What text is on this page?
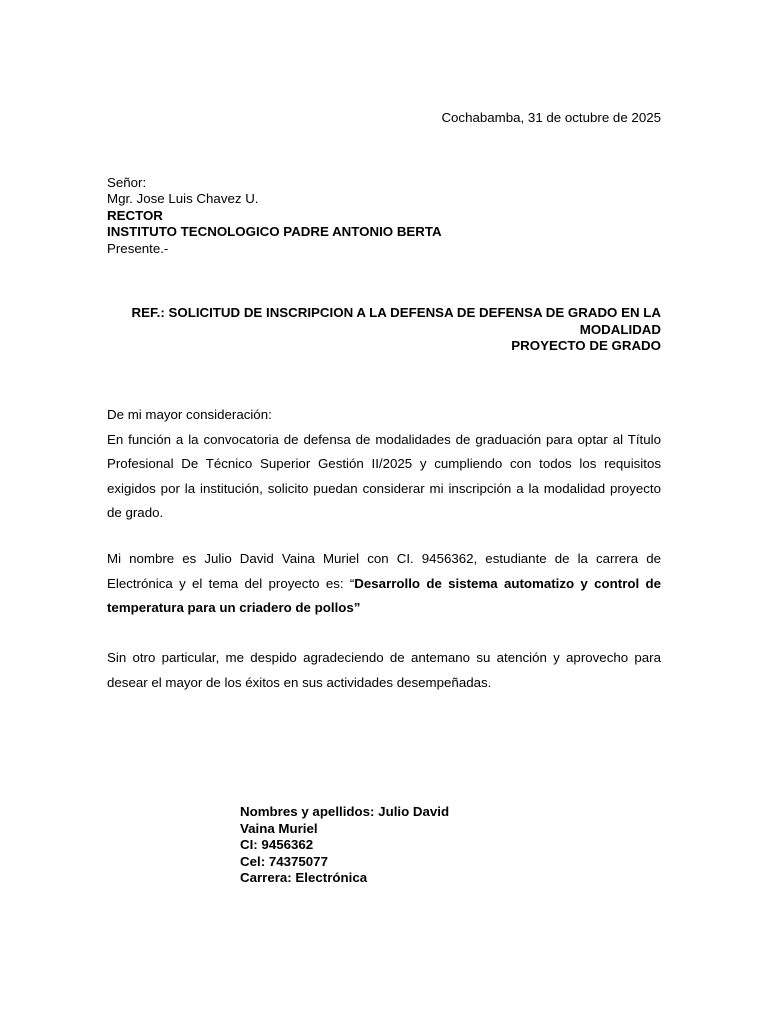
Cochabamba, 31 de octubre de 2025
Señor:
Mgr. Jose Luis Chavez U.
RECTOR
INSTITUTO TECNOLOGICO PADRE ANTONIO BERTA
Presente.-
REF.: SOLICITUD DE INSCRIPCION A LA DEFENSA DE DEFENSA DE GRADO EN LA
MODALIDAD
PROYECTO DE GRADO

De mi mayor consideración:

En función a la convocatoria de defensa de modalidades de graduación para optar al Título Profesional De Técnico Superior Gestión II/2025 y cumpliendo con todos los requisitos exigidos por la institución, solicito puedan considerar mi inscripción a la modalidad proyecto de grado.

Mi nombre es Julio David Vaina Muriel con CI. 9456362, estudiante de la carrera de Electrónica y el tema del proyecto es: “Desarrollo de sistema automatizo y control de temperatura para un criadero de pollos”
Sin otro particular, me despido agradeciendo de antemano su atención y aprovecho para desear el mayor de los éxitos en sus actividades desempeñadas.
Nombres y apellidos: Julio David
Vaina Muriel
CI: 9456362
Cel: 74375077
Carrera: Electrónica
